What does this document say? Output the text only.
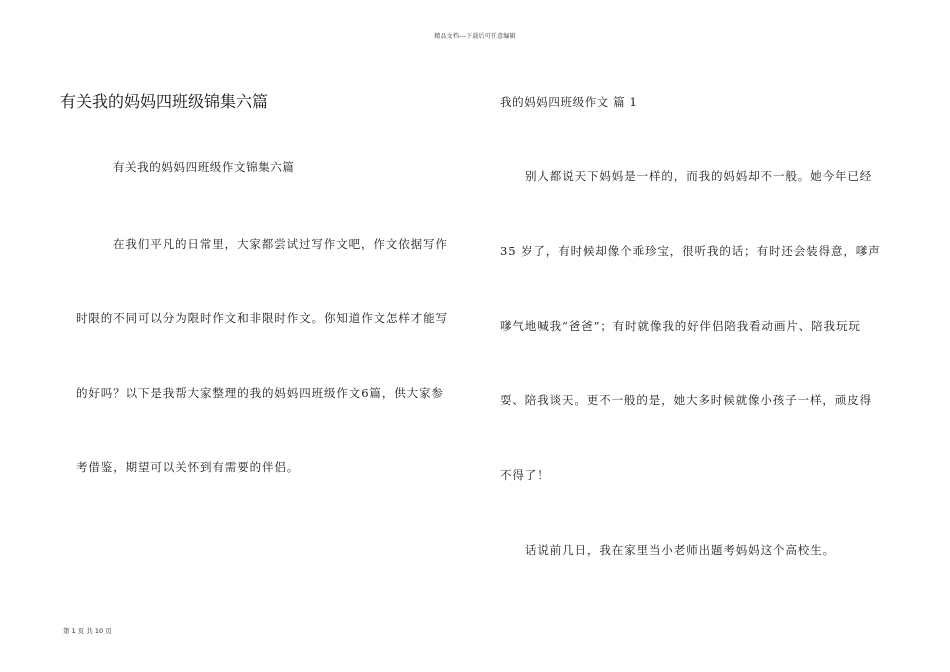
精品文档---下载后可任意编辑
有关我的妈妈四班级锦集六篇
有关我的妈妈四班级作文锦集六篇
在我们平凡的日常里，大家都尝试过写作文吧，作文依据写作
时限的不同可以分为限时作文和非限时作文。你知道作文怎样才能写
的好吗？以下是我帮大家整理的我的妈妈四班级作文6篇，供大家参
考借鉴，期望可以关怀到有需要的伴侣。
我的妈妈四班级作文 篇 1
别人都说天下妈妈是一样的，而我的妈妈却不一般。她今年已经
35 岁了，有时候却像个乖珍宝，很听我的话；有时还会装得意，嗲声
嗲气地喊我“爸爸”；有时就像我的好伴侣陪我看动画片、陪我玩玩
耍、陪我谈天。更不一般的是，她大多时候就像小孩子一样，顽皮得
不得了！
话说前几日，我在家里当小老师出题考妈妈这个高校生。
第 1 页 共 10 页
